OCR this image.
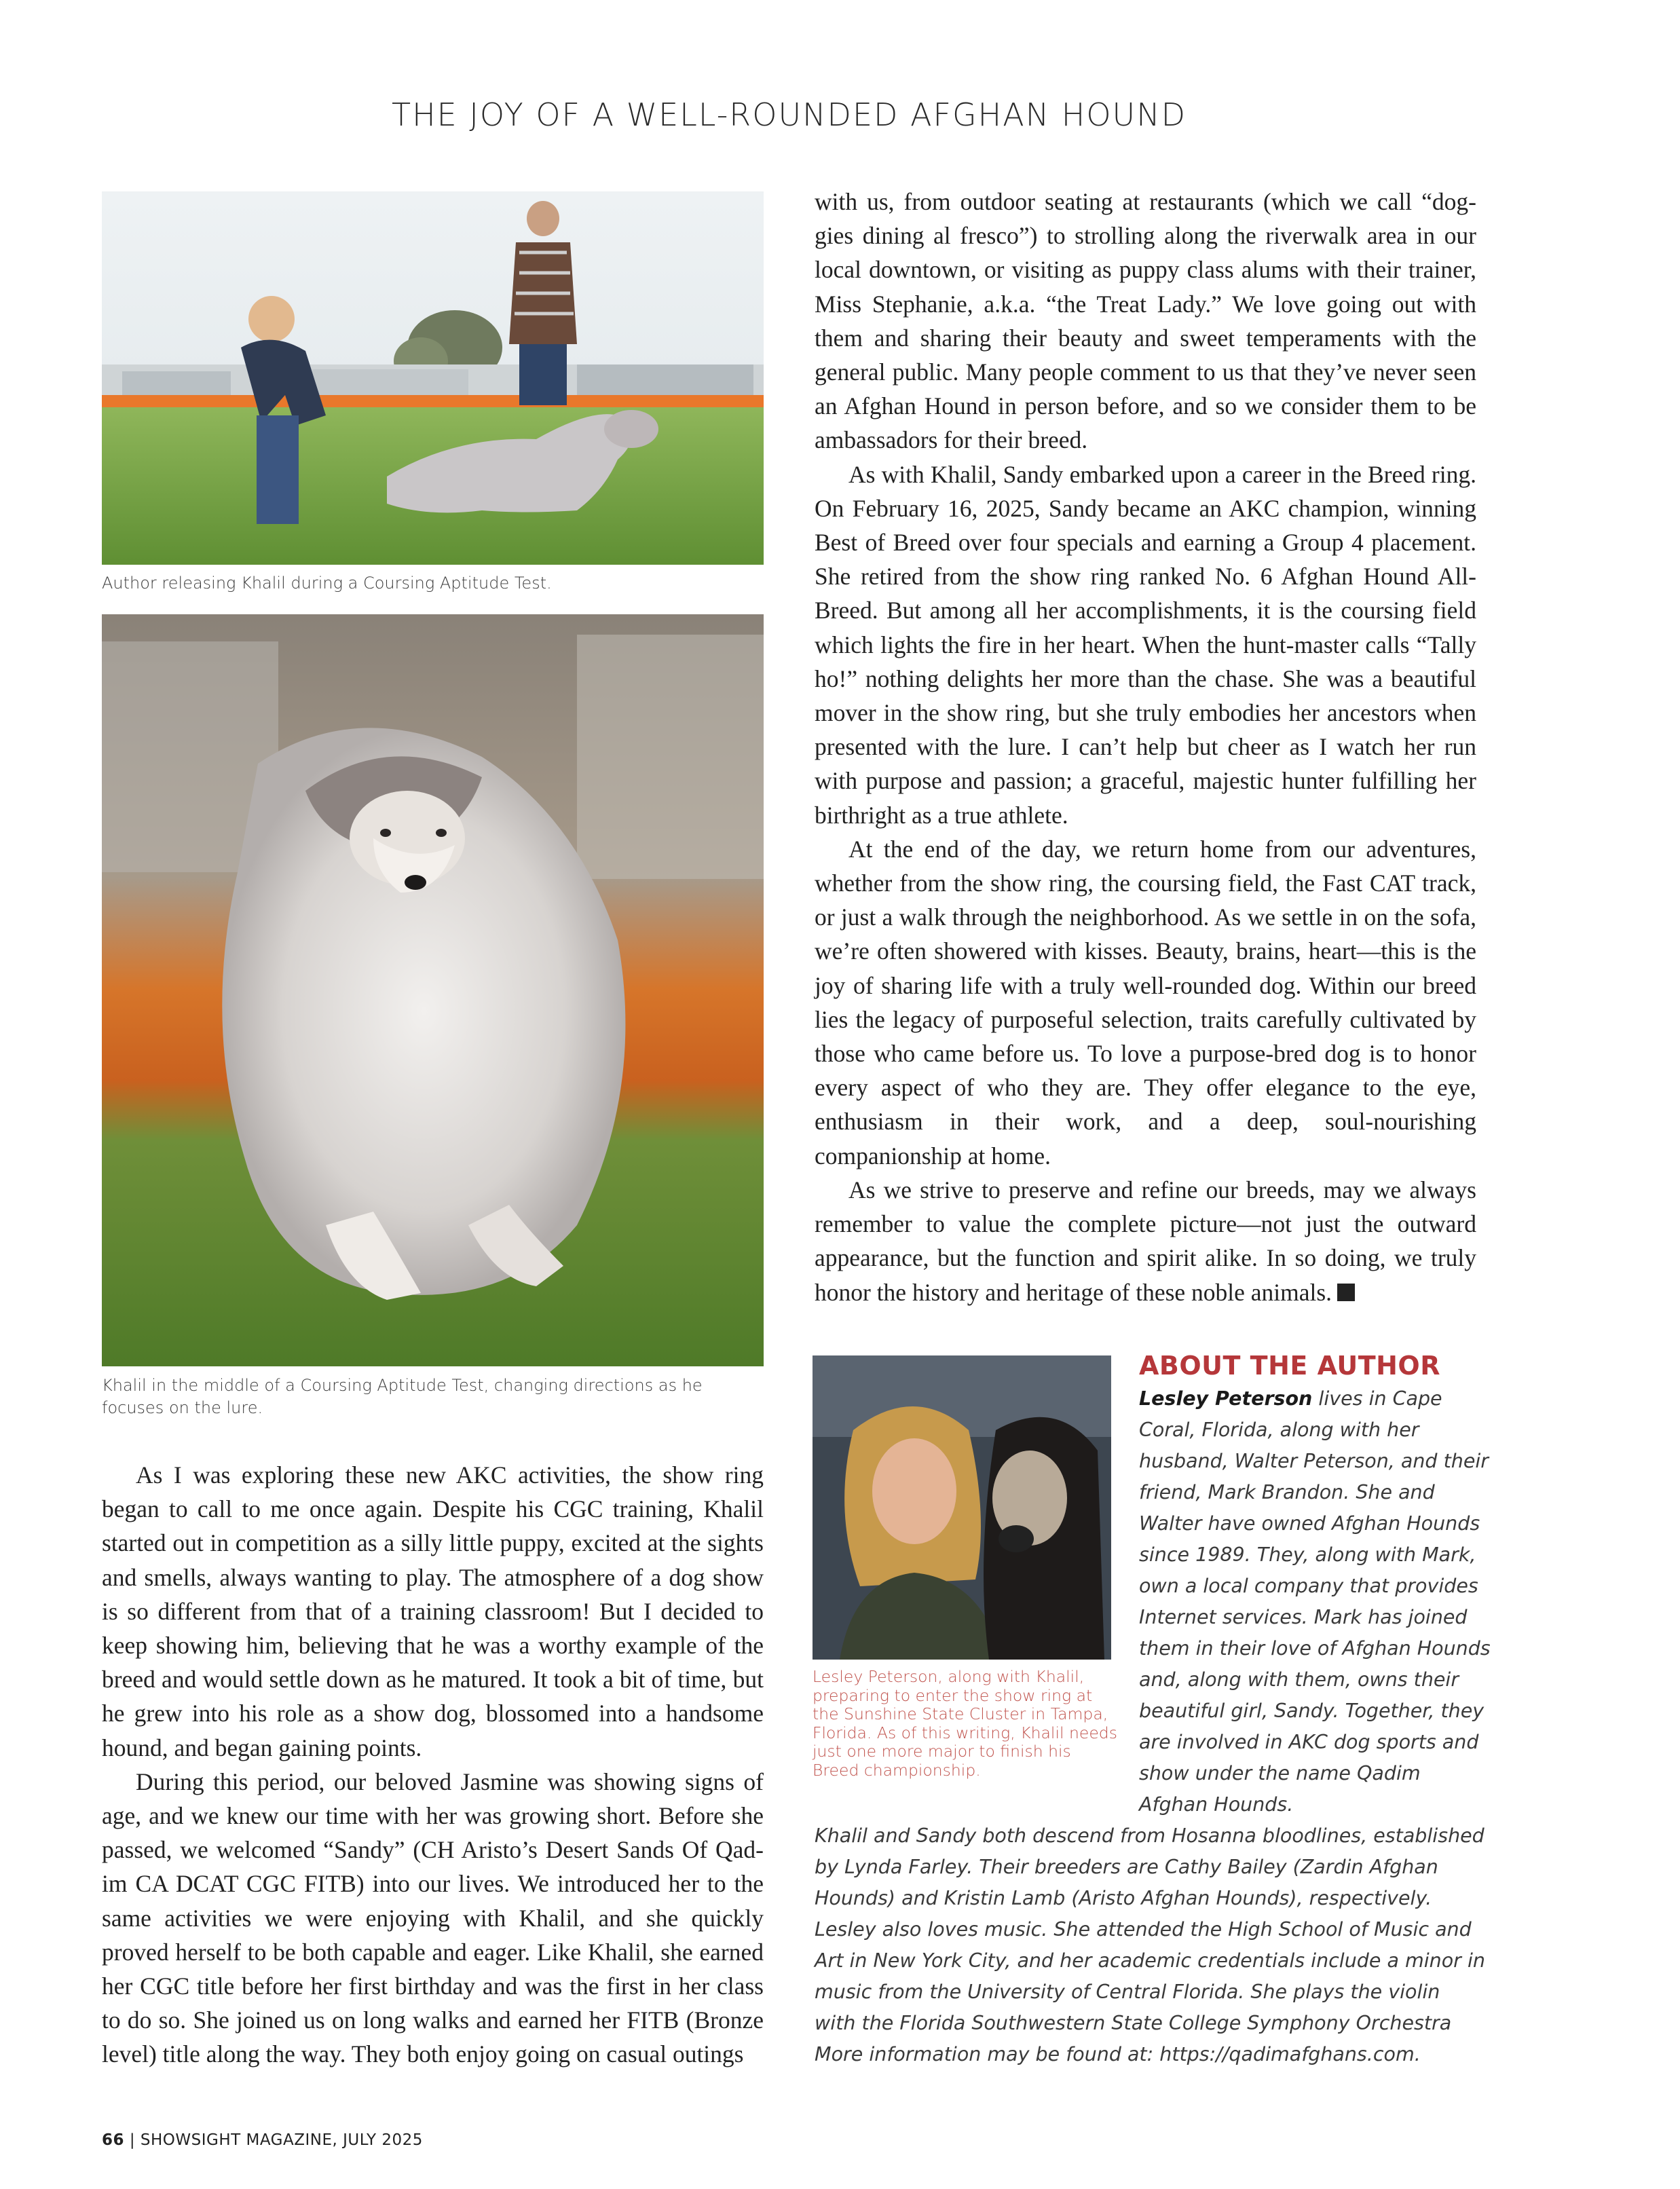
THE JOY OF A WELL-ROUNDED AFGHAN HOUND
Author releasing Khalil during a Coursing Aptitude Test.
Khalil in the middle of a Coursing Aptitude Test, changing directions as he focuses on the lure.

As I was exploring these new AKC activities, the show ring began to call to me once again. Despite his CGC training, Khalil started out in competition as a silly little puppy, excited at the sights and smells, always wanting to play. The atmosphere of a dog show is so different from that of a training classroom! But I decided to keep showing him, believing that he was a worthy example of the breed and would settle down as he matured. It took a bit of time, but he grew into his role as a show dog, blossomed into a handsome hound, and began gaining points.

During this period, our beloved Jasmine was showing signs of age, and we knew our time with her was growing short. Before she passed, we welcomed “Sandy” (CH Aristo’s Desert Sands Of Qad-im CA DCAT CGC FITB) into our lives. We introduced her to the same activities we were enjoying with Khalil, and she quickly proved herself to be both capable and eager. Like Khalil, she earned her CGC title before her first birthday and was the first in her class to do so. She joined us on long walks and earned her FITB (Bronze level) title along the way. They both enjoy going on casual outings

with us, from outdoor seating at restaurants (which we call “dog-gies dining al fresco”) to strolling along the riverwalk area in our local downtown, or visiting as puppy class alums with their trainer, Miss Stephanie, a.k.a. “the Treat Lady.” We love going out with them and sharing their beauty and sweet temperaments with the general public. Many people comment to us that they’ve never seen an Afghan Hound in person before, and so we consider them to be ambassadors for their breed.

As with Khalil, Sandy embarked upon a career in the Breed ring. On February 16, 2025, Sandy became an AKC champion, winning Best of Breed over four specials and earning a Group 4 placement. She retired from the show ring ranked No. 6 Afghan Hound All-Breed. But among all her accomplishments, it is the coursing field which lights the fire in her heart. When the hunt-master calls “Tally ho!” nothing delights her more than the chase. She was a beautiful mover in the show ring, but she truly embodies her ancestors when presented with the lure. I can’t help but cheer as I watch her run with purpose and passion; a graceful, majestic hunter fulfilling her birthright as a true athlete.

At the end of the day, we return home from our adventures, whether from the show ring, the coursing field, the Fast CAT track, or just a walk through the neighborhood. As we settle in on the sofa, we’re often showered with kisses. Beauty, brains, heart—this is the joy of sharing life with a truly well-rounded dog. Within our breed lies the legacy of purposeful selection, traits carefully cultivated by those who came before us. To love a purpose-bred dog is to honor every aspect of who they are. They offer elegance to the eye, enthusiasm in their work, and a deep, soul-nourishing companionship at home.

As we strive to preserve and refine our breeds, may we always remember to value the complete picture—not just the outward appearance, but the function and spirit alike. In so doing, we truly honor the history and heritage of these noble animals.

Lesley Peterson, along with Khalil, preparing to enter the show ring at the Sunshine State Cluster in Tampa, Florida. As of this writing, Khalil needs just one more major to finish his Breed championship.
ABOUT THE AUTHOR
Lesley Peterson lives in Cape Coral, Florida, along with her husband, Walter Peterson, and their friend, Mark Brandon. She and Walter have owned Afghan Hounds since 1989. They, along with Mark, own a local company that provides Internet services. Mark has joined them in their love of Afghan Hounds and, along with them, owns their beautiful girl, Sandy. Together, they are involved in AKC dog sports and show under the name Qadim Afghan Hounds.
Khalil and Sandy both descend from Hosanna bloodlines, established by Lynda Farley. Their breeders are Cathy Bailey (Zardin Afghan Hounds) and Kristin Lamb (Aristo Afghan Hounds), respectively. Lesley also loves music. She attended the High School of Music and Art in New York City, and her academic credentials include a minor in music from the University of Central Florida. She plays the violin with the Florida Southwestern State College Symphony Orchestra More information may be found at: https://qadimafghans.com.
66 | SHOWSIGHT MAGAZINE, JULY 2025
